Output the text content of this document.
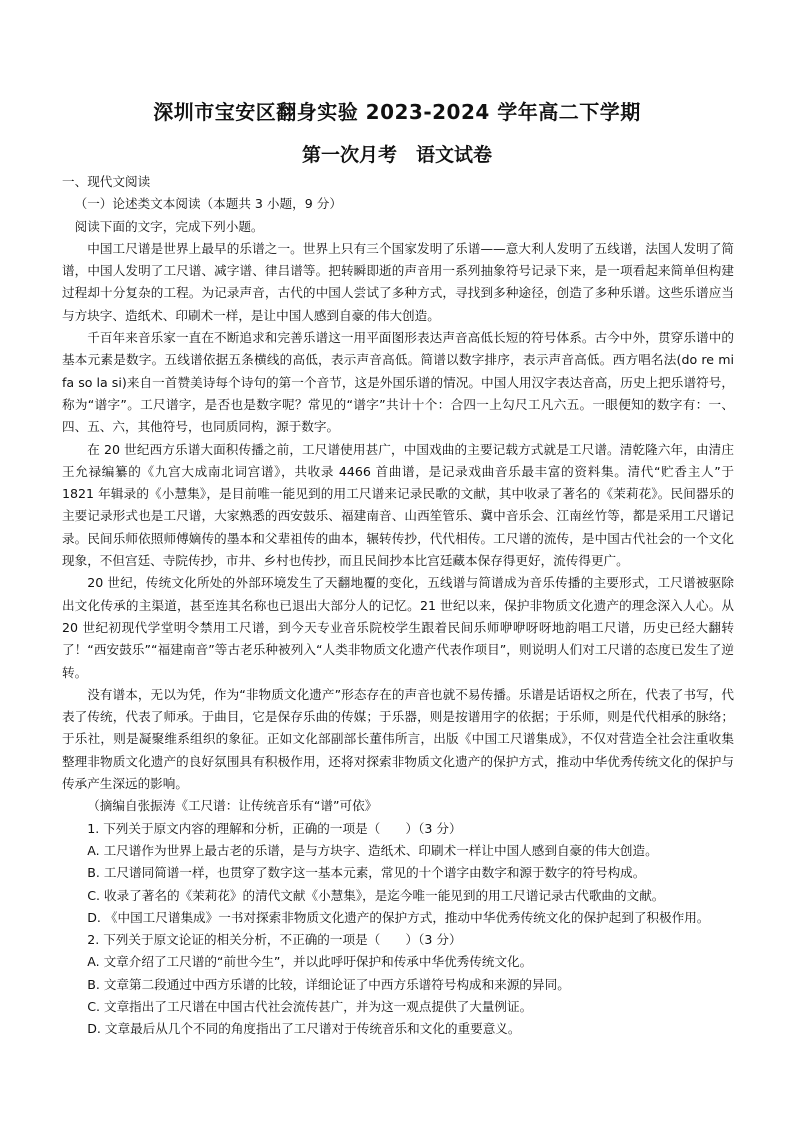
深圳市宝安区翻身实验 2023-2024 学年高二下学期
第一次月考　语文试卷

一、现代文阅读

（一）论述类文本阅读（本题共 3 小题，9 分）

阅读下面的文字，完成下列小题。

中国工尺谱是世界上最早的乐谱之一。世界上只有三个国家发明了乐谱——意大利人发明了五线谱，法国人发明了简谱，中国人发明了工尺谱、减字谱、律吕谱等。把转瞬即逝的声音用一系列抽象符号记录下来，是一项看起来简单但构建过程却十分复杂的工程。为记录声音，古代的中国人尝试了多种方式，寻找到多种途径，创造了多种乐谱。这些乐谱应当与方块字、造纸术、印刷术一样，是让中国人感到自豪的伟大创造。

千百年来音乐家一直在不断追求和完善乐谱这一用平面图形表达声音高低长短的符号体系。古今中外，贯穿乐谱中的基本元素是数字。五线谱依据五条横线的高低，表示声音高低。简谱以数字排序，表示声音高低。西方唱名法(do re mi fa so la si)来自一首赞美诗每个诗句的第一个音节，这是外国乐谱的情况。中国人用汉字表达音高，历史上把乐谱符号，称为“谱字”。工尺谱字，是否也是数字呢？常见的“谱字”共计十个：合四一上勾尺工凡六五。一眼便知的数字有：一、四、五、六，其他符号，也同质同构，源于数字。

在 20 世纪西方乐谱大面积传播之前，工尺谱使用甚广，中国戏曲的主要记载方式就是工尺谱。清乾隆六年，由清庄王允禄编纂的《九宫大成南北词宫谱》，共收录 4466 首曲谱，是记录戏曲音乐最丰富的资料集。清代“贮香主人”于 1821 年辑录的《小慧集》，是目前唯一能见到的用工尺谱来记录民歌的文献，其中收录了著名的《茉莉花》。民间器乐的主要记录形式也是工尺谱，大家熟悉的西安鼓乐、福建南音、山西笙管乐、冀中音乐会、江南丝竹等，都是采用工尺谱记录。民间乐师依照师傅嫡传的墨本和父辈祖传的曲本，辗转传抄，代代相传。工尺谱的流传，是中国古代社会的一个文化现象，不但宫廷、寺院传抄，市井、乡村也传抄，而且民间抄本比宫廷藏本保存得更好，流传得更广。

20 世纪，传统文化所处的外部环境发生了天翻地覆的变化，五线谱与简谱成为音乐传播的主要形式，工尺谱被驱除出文化传承的主渠道，甚至连其名称也已退出大部分人的记忆。21 世纪以来，保护非物质文化遗产的理念深入人心。从 20 世纪初现代学堂明令禁用工尺谱，到今天专业音乐院校学生跟着民间乐师咿咿呀呀地韵唱工尺谱，历史已经大翻转了！“西安鼓乐”“福建南音”等古老乐种被列入“人类非物质文化遗产代表作项目”，则说明人们对工尺谱的态度已发生了逆转。

没有谱本，无以为凭，作为“非物质文化遗产”形态存在的声音也就不易传播。乐谱是话语权之所在，代表了书写，代表了传统，代表了师承。于曲目，它是保存乐曲的传媒；于乐器，则是按谱用字的依据；于乐师，则是代代相承的脉络；于乐社，则是凝聚维系组织的象征。正如文化部副部长董伟所言，出版《中国工尺谱集成》，不仅对营造全社会注重收集整理非物质文化遗产的良好氛围具有积极作用，还将对探索非物质文化遗产的保护方式，推动中华优秀传统文化的保护与传承产生深远的影响。

（摘编自张振涛《工尺谱：让传统音乐有“谱”可依》

1. 下列关于原文内容的理解和分析，正确的一项是（　　）（3 分）

A. 工尺谱作为世界上最古老的乐谱，是与方块字、造纸术、印刷术一样让中国人感到自豪的伟大创造。

B. 工尺谱同简谱一样，也贯穿了数字这一基本元素，常见的十个谱字由数字和源于数字的符号构成。

C. 收录了著名的《茉莉花》的清代文献《小慧集》，是迄今唯一能见到的用工尺谱记录古代歌曲的文献。

D. 《中国工尺谱集成》一书对探索非物质文化遗产的保护方式，推动中华优秀传统文化的保护起到了积极作用。

2. 下列关于原文论证的相关分析，不正确的一项是（　　）（3 分）

A. 文章介绍了工尺谱的“前世今生”，并以此呼吁保护和传承中华优秀传统文化。

B. 文章第二段通过中西方乐谱的比较，详细论证了中西方乐谱符号构成和来源的异同。

C. 文章指出了工尺谱在中国古代社会流传甚广，并为这一观点提供了大量例证。

D. 文章最后从几个不同的角度指出了工尺谱对于传统音乐和文化的重要意义。
